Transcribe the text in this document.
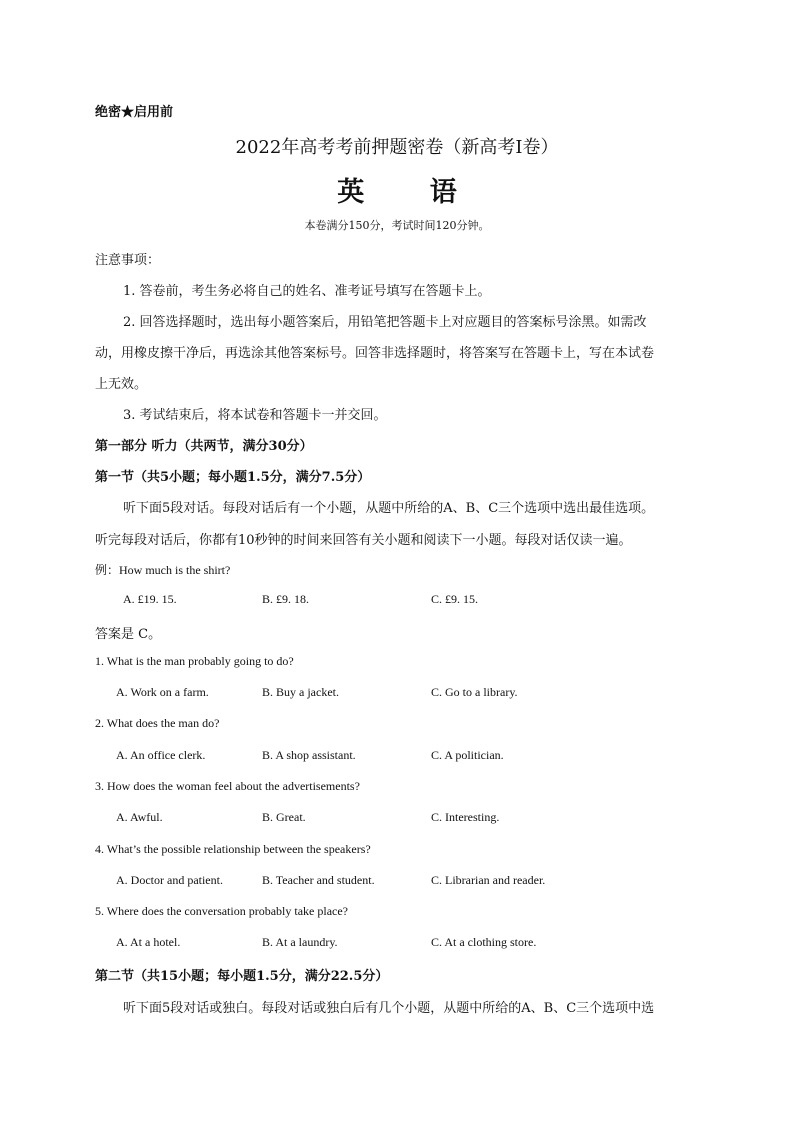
绝密★启用前
2022年高考考前押题密卷（新高考Ⅰ卷）
英 语
本卷满分150分，考试时间120分钟。
注意事项：
1. 答卷前，考生务必将自己的姓名、准考证号填写在答题卡上。
2. 回答选择题时，选出每小题答案后，用铅笔把答题卡上对应题目的答案标号涂黑。如需改
动，用橡皮擦干净后，再选涂其他答案标号。回答非选择题时，将答案写在答题卡上，写在本试卷
上无效。
3. 考试结束后，将本试卷和答题卡一并交回。
第一部分 听力（共两节，满分30分）
第一节（共5小题；每小题1.5分，满分7.5分）
听下面5段对话。每段对话后有一个小题，从题中所给的A、B、C三个选项中选出最佳选项。
听完每段对话后，你都有10秒钟的时间来回答有关小题和阅读下一小题。每段对话仅读一遍。
例：How much is the shirt?
A. £19. 15.	B. £9. 18.	C. £9. 15.
答案是 C。
1. What is the man probably going to do?
A. Work on a farm.	B. Buy a jacket.	C. Go to a library.
2. What does the man do?
A. An office clerk.	B. A shop assistant.	C. A politician.
3. How does the woman feel about the advertisements?
A. Awful.	B. Great.	C. Interesting.
4. What’s the possible relationship between the speakers?
A. Doctor and patient.	B. Teacher and student.	C. Librarian and reader.
5. Where does the conversation probably take place?
A. At a hotel.	B. At a laundry.	C. At a clothing store.
第二节（共15小题；每小题1.5分，满分22.5分）
听下面5段对话或独白。每段对话或独白后有几个小题，从题中所给的A、B、C三个选项中选
